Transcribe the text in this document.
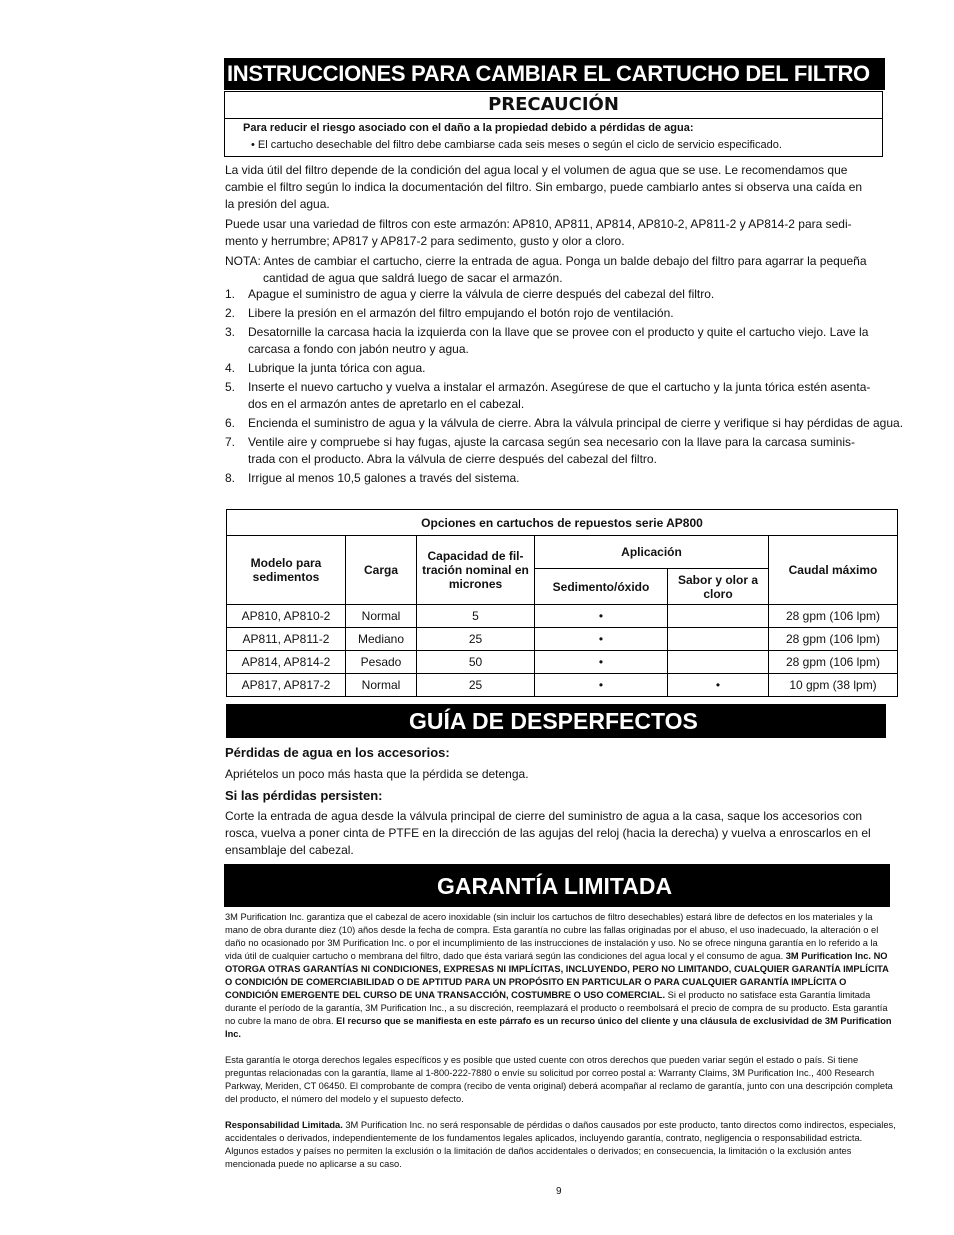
INSTRUCCIONES PARA CAMBIAR EL CARTUCHO DEL FILTRO
PRECAUCIÓN
Para reducir el riesgo asociado con el daño a la propiedad debido a pérdidas de agua:
• El cartucho desechable del filtro debe cambiarse cada seis meses o según el ciclo de servicio especificado.

La vida útil del filtro depende de la condición del agua local y el volumen de agua que se use. Le recomendamos que
cambie el filtro según lo indica la documentación del filtro. Sin embargo, puede cambiarlo antes si observa una caída en
la presión del agua.

Puede usar una variedad de filtros con este armazón: AP810, AP811, AP814, AP810-2, AP811-2 y AP814-2 para sedi-
mento y herrumbre; AP817 y AP817-2 para sedimento, gusto y olor a cloro.

NOTA: Antes de cambiar el cartucho, cierre la entrada de agua. Ponga un balde debajo del filtro para agarrar la pequeña
cantidad de agua que saldrá luego de sacar el armazón.

1. Apague el suministro de agua y cierre la válvula de cierre después del cabezal del filtro.
2. Libere la presión en el armazón del filtro empujando el botón rojo de ventilación.
3. Desatornille la carcasa hacia la izquierda con la llave que se provee con el producto y quite el cartucho viejo. Lave la
carcasa a fondo con jabón neutro y agua.
4. Lubrique la junta tórica con agua.
5. Inserte el nuevo cartucho y vuelva a instalar el armazón. Asegúrese de que el cartucho y la junta tórica estén asenta-
dos en el armazón antes de apretarlo en el cabezal.
6. Encienda el suministro de agua y la válvula de cierre. Abra la válvula principal de cierre y verifique si hay pérdidas de agua.
7. Ventile aire y compruebe si hay fugas, ajuste la carcasa según sea necesario con la llave para la carcasa suminis-
trada con el producto. Abra la válvula de cierre después del cabezal del filtro.
8. Irrigue al menos 10,5 galones a través del sistema.
Opciones en cartuchos de repuestos serie AP800					
Modelo para sedimentos	Carga	Capacidad de fil-tración nominal en micrones	Aplicación		Caudal máximo
			Sedimento/óxido	Sabor y olor a cloro	
AP810, AP810-2	Normal	5	•		28 gpm (106 lpm)
AP811, AP811-2	Mediano	25	•		28 gpm (106 lpm)
AP814, AP814-2	Pesado	50	•		28 gpm (106 lpm)
AP817, AP817-2	Normal	25	•	•	10 gpm (38 lpm)
GUÍA DE DESPERFECTOS
Pérdidas de agua en los accesorios:
Apriételos un poco más hasta que la pérdida se detenga.
Si las pérdidas persisten:
Corte la entrada de agua desde la válvula principal de cierre del suministro de agua a la casa, saque los accesorios con
rosca, vuelva a poner cinta de PTFE en la dirección de las agujas del reloj (hacia la derecha) y vuelva a enroscarlos en el
ensamblaje del cabezal.
GARANTÍA LIMITADA

3M Purification Inc. garantiza que el cabezal de acero inoxidable (sin incluir los cartuchos de filtro desechables) estará libre de defectos en los materiales y la mano de obra durante diez (10) años desde la fecha de compra. Esta garantía no cubre las fallas originadas por el abuso, el uso inadecuado, la alteración o el daño no ocasionado por 3M Purification Inc. o por el incumplimiento de las instrucciones de instalación y uso. No se ofrece ninguna garantía en lo referido a la vida útil de cualquier cartucho o membrana del filtro, dado que ésta variará según las condiciones del agua local y el consumo de agua. 3M Purification Inc. NO OTORGA OTRAS GARANTÍAS NI CONDICIONES, EXPRESAS NI IMPLÍCITAS, INCLUYENDO, PERO NO LIMITANDO, CUALQUIER GARANTÍA IMPLÍCITA O CONDICIÓN DE COMERCIABILIDAD O DE APTITUD PARA UN PROPÓSITO EN PARTICULAR O PARA CUALQUIER GARANTÍA IMPLÍCITA O CONDICIÓN EMERGENTE DEL CURSO DE UNA TRANSACCIÓN, COSTUMBRE O USO COMERCIAL. Si el producto no satisface esta Garantía limitada durante el período de la garantía, 3M Purification Inc., a su discreción, reemplazará el producto o reembolsará el precio de compra de su producto. Esta garantía no cubre la mano de obra. El recurso que se manifiesta en este párrafo es un recurso único del cliente y una cláusula de exclusividad de 3M Purification Inc.

Esta garantía le otorga derechos legales específicos y es posible que usted cuente con otros derechos que pueden variar según el estado o país. Si tiene preguntas relacionadas con la garantía, llame al 1-800-222-7880 o envíe su solicitud por correo postal a: Warranty Claims, 3M Purification Inc., 400 Research Parkway, Meriden, CT 06450. El comprobante de compra (recibo de venta original) deberá acompañar al reclamo de garantía, junto con una descripción completa del producto, el número del modelo y el supuesto defecto.

Responsabilidad Limitada. 3M Purification Inc. no será responsable de pérdidas o daños causados por este producto, tanto directos como indirectos, especiales, accidentales o derivados, independientemente de los fundamentos legales aplicados, incluyendo garantía, contrato, negligencia o responsabilidad estricta. Algunos estados y países no permiten la exclusión o la limitación de daños accidentales o derivados; en consecuencia, la limitación o la exclusión antes mencionada puede no aplicarse a su caso.

9
